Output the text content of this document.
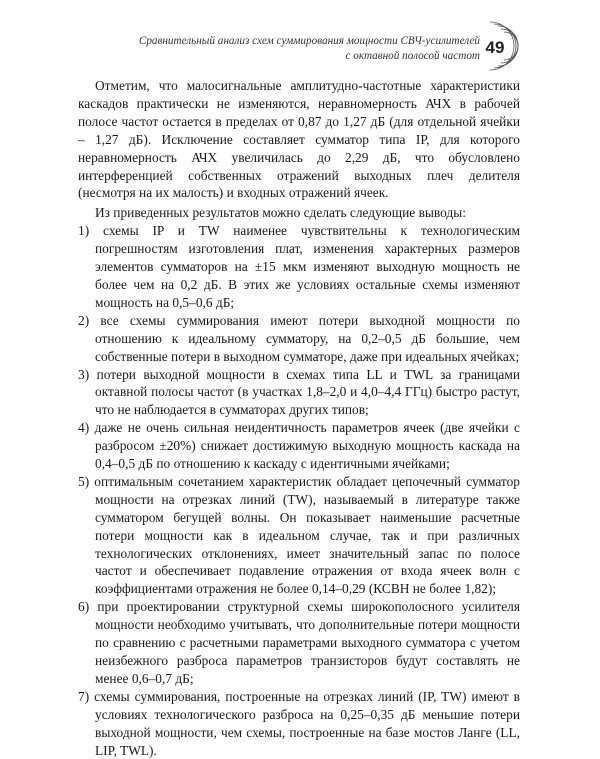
Сравнительный анализ схем суммирования мощности СВЧ-усилителей
с октавной полосой частот 49

Отметим, что малосигнальные амплитудно-частотные характеристики каскадов практически не изменяются, неравномерность АЧХ в рабочей полосе частот остается в пределах от 0,87 до 1,27 дБ (для отдельной ячейки – 1,27 дБ). Исключение составляет сумматор типа IP, для которого неравномерность АЧХ увеличилась до 2,29 дБ, что обусловлено интерференцией собственных отражений выходных плеч делителя (несмотря на их малость) и входных отражений ячеек.

Из приведенных результатов можно сделать следующие выводы:

1) схемы IP и TW наименее чувствительны к технологическим погрешностям изготовления плат, изменения характерных размеров элементов сумматоров на ±15 мкм изменяют выходную мощность не более чем на 0,2 дБ. В этих же условиях остальные схемы изменяют мощность на 0,5–0,6 дБ;
2) все схемы суммирования имеют потери выходной мощности по отношению к идеальному сумматору, на 0,2–0,5 дБ большие, чем собственные потери в выходном сумматоре, даже при идеальных ячейках;
3) потери выходной мощности в схемах типа LL и TWL за границами октавной полосы частот (в участках 1,8–2,0 и 4,0–4,4 ГГц) быстро растут, что не наблюдается в сумматорах других типов;
4) даже не очень сильная неидентичность параметров ячеек (две ячейки с разбросом ±20%) снижает достижимую выходную мощность каскада на 0,4–0,5 дБ по отношению к каскаду с идентичными ячейками;
5) оптимальным сочетанием характеристик обладает цепочечный сумматор мощности на отрезках линий (TW), называемый в литературе также сумматором бегущей волны. Он показывает наименьшие расчетные потери мощности как в идеальном случае, так и при различных технологических отклонениях, имеет значительный запас по полосе частот и обеспечивает подавление отражения от входа ячеек волн с коэффициентами отражения не более 0,14–0,29 (КСВН не более 1,82);
6) при проектировании структурной схемы широкополосного усилителя мощности необходимо учитывать, что дополнительные потери мощности по сравнению с расчетными параметрами выходного сумматора с учетом неизбежного разброса параметров транзисторов будут составлять не менее 0,6–0,7 дБ;
7) схемы суммирования, построенные на отрезках линий (IP, TW) имеют в условиях технологического разброса на 0,25–0,35 дБ меньшие потери выходной мощности, чем схемы, построенные на базе мостов Ланге (LL, LIP, TWL).
